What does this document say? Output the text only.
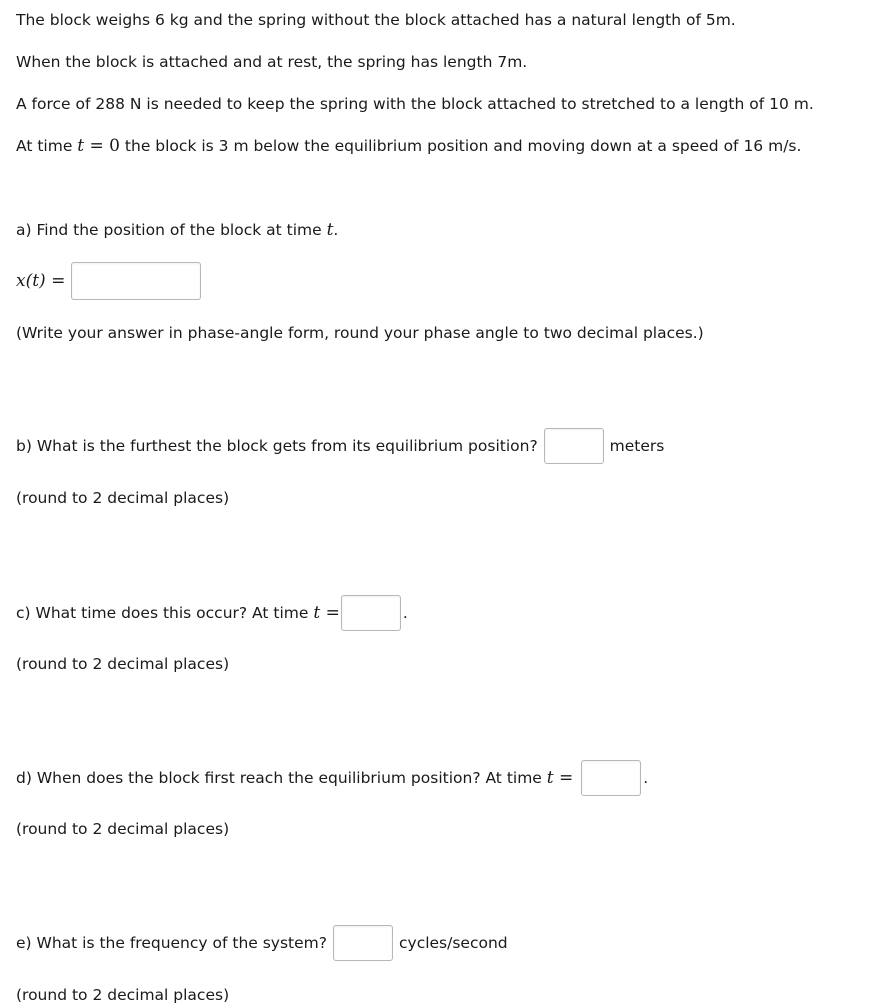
The block weighs 6 kg and the spring without the block attached has a natural length of 5m.
When the block is attached and at rest, the spring has length 7m.
A force of 288 N is needed to keep the spring with the block attached to stretched to a length of 10 m.
At time t = 0 the block is 3 m below the equilibrium position and moving down at a speed of 16 m/s.
a) Find the position of the block at time t .
x(t) =
(Write your answer in phase-angle form, round your phase angle to two decimal places.)
b) What is the furthest the block gets from its equilibrium position?	meters
(round to 2 decimal places)
c) What time does this occur? At time t =	.
(round to 2 decimal places)
d) When does the block first reach the equilibrium position? At time t =	.
(round to 2 decimal places)
e) What is the frequency of the system?	cycles/second
(round to 2 decimal places)
